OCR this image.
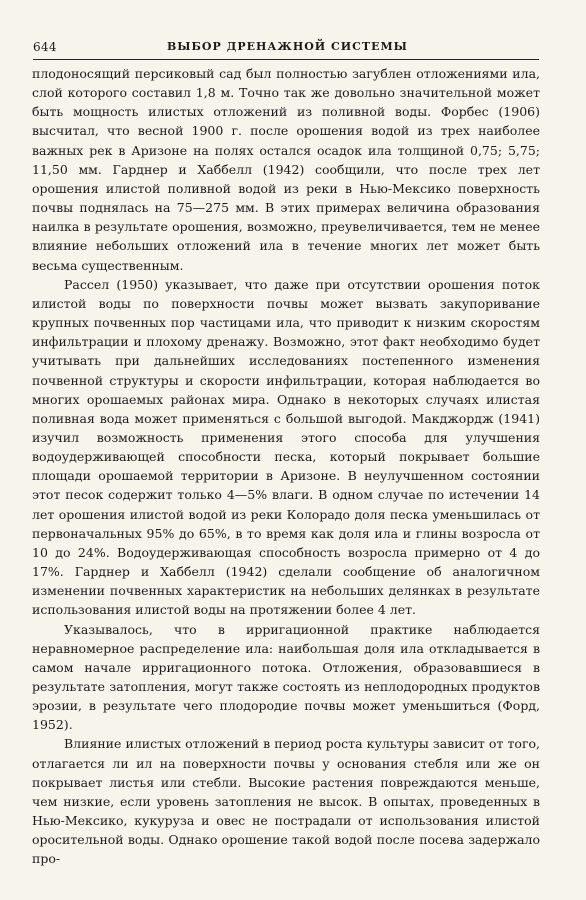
644	ВЫБОР ДРЕНАЖНОЙ СИСТЕМЫ

плодоносящий персиковый сад был полностью загублен отложениями ила, слой которого составил 1,8 м. Точно так же довольно значительной может быть мощность илистых отложений из поливной воды. Форбес (1906) высчитал, что весной 1900 г. после орошения водой из трех наиболее важных рек в Аризоне на полях остался осадок ила толщиной 0,75; 5,75; 11,50 мм. Гарднер и Хаббелл (1942) сообщили, что после трех лет орошения илистой поливной водой из реки в Нью-Мексико поверхность почвы поднялась на 75—275 мм. В этих примерах величина образования наилка в результате орошения, возможно, преувеличивается, тем не менее влияние небольших отложений ила в течение многих лет может быть весьма существенным.

Рассел (1950) указывает, что даже при отсутствии орошения поток илистой воды по поверхности почвы может вызвать закупоривание крупных почвенных пор частицами ила, что приводит к низким скоростям инфильтрации и плохому дренажу. Возможно, этот факт необходимо будет учитывать при дальнейших исследованиях постепенного изменения почвенной структуры и скорости инфильтрации, которая наблюдается во многих орошаемых районах мира. Однако в некоторых случаях илистая поливная вода может применяться с большой выгодой. Макджордж (1941) изучил возможность применения этого способа для улучшения водоудерживающей способности песка, который покрывает большие площади орошаемой территории в Аризоне. В неулучшенном состоянии этот песок содержит только 4—5% влаги. В одном случае по истечении 14 лет орошения илистой водой из реки Колорадо доля песка уменьшилась от первоначальных 95% до 65%, в то время как доля ила и глины возросла от 10 до 24%. Водоудерживающая способность возросла примерно от 4 до 17%. Гарднер и Хаббелл (1942) сделали сообщение об аналогичном изменении почвенных характеристик на небольших делянках в результате использования илистой воды на протяжении более 4 лет.

Указывалось, что в ирригационной практике наблюдается неравномерное распределение ила: наибольшая доля ила откладывается в самом начале ирригационного потока. Отложения, образовавшиеся в результате затопления, могут также состоять из неплодородных продуктов эрозии, в результате чего плодородие почвы может уменьшиться (Форд, 1952).

Влияние илистых отложений в период роста культуры зависит от того, отлагается ли ил на поверхности почвы у основания стебля или же он покрывает листья или стебли. Высокие растения повреждаются меньше, чем низкие, если уровень затопления не высок. В опытах, проведенных в Нью-Мексико, кукуруза и овес не пострадали от использования илистой оросительной воды. Однако орошение такой водой после посева задержало про-
